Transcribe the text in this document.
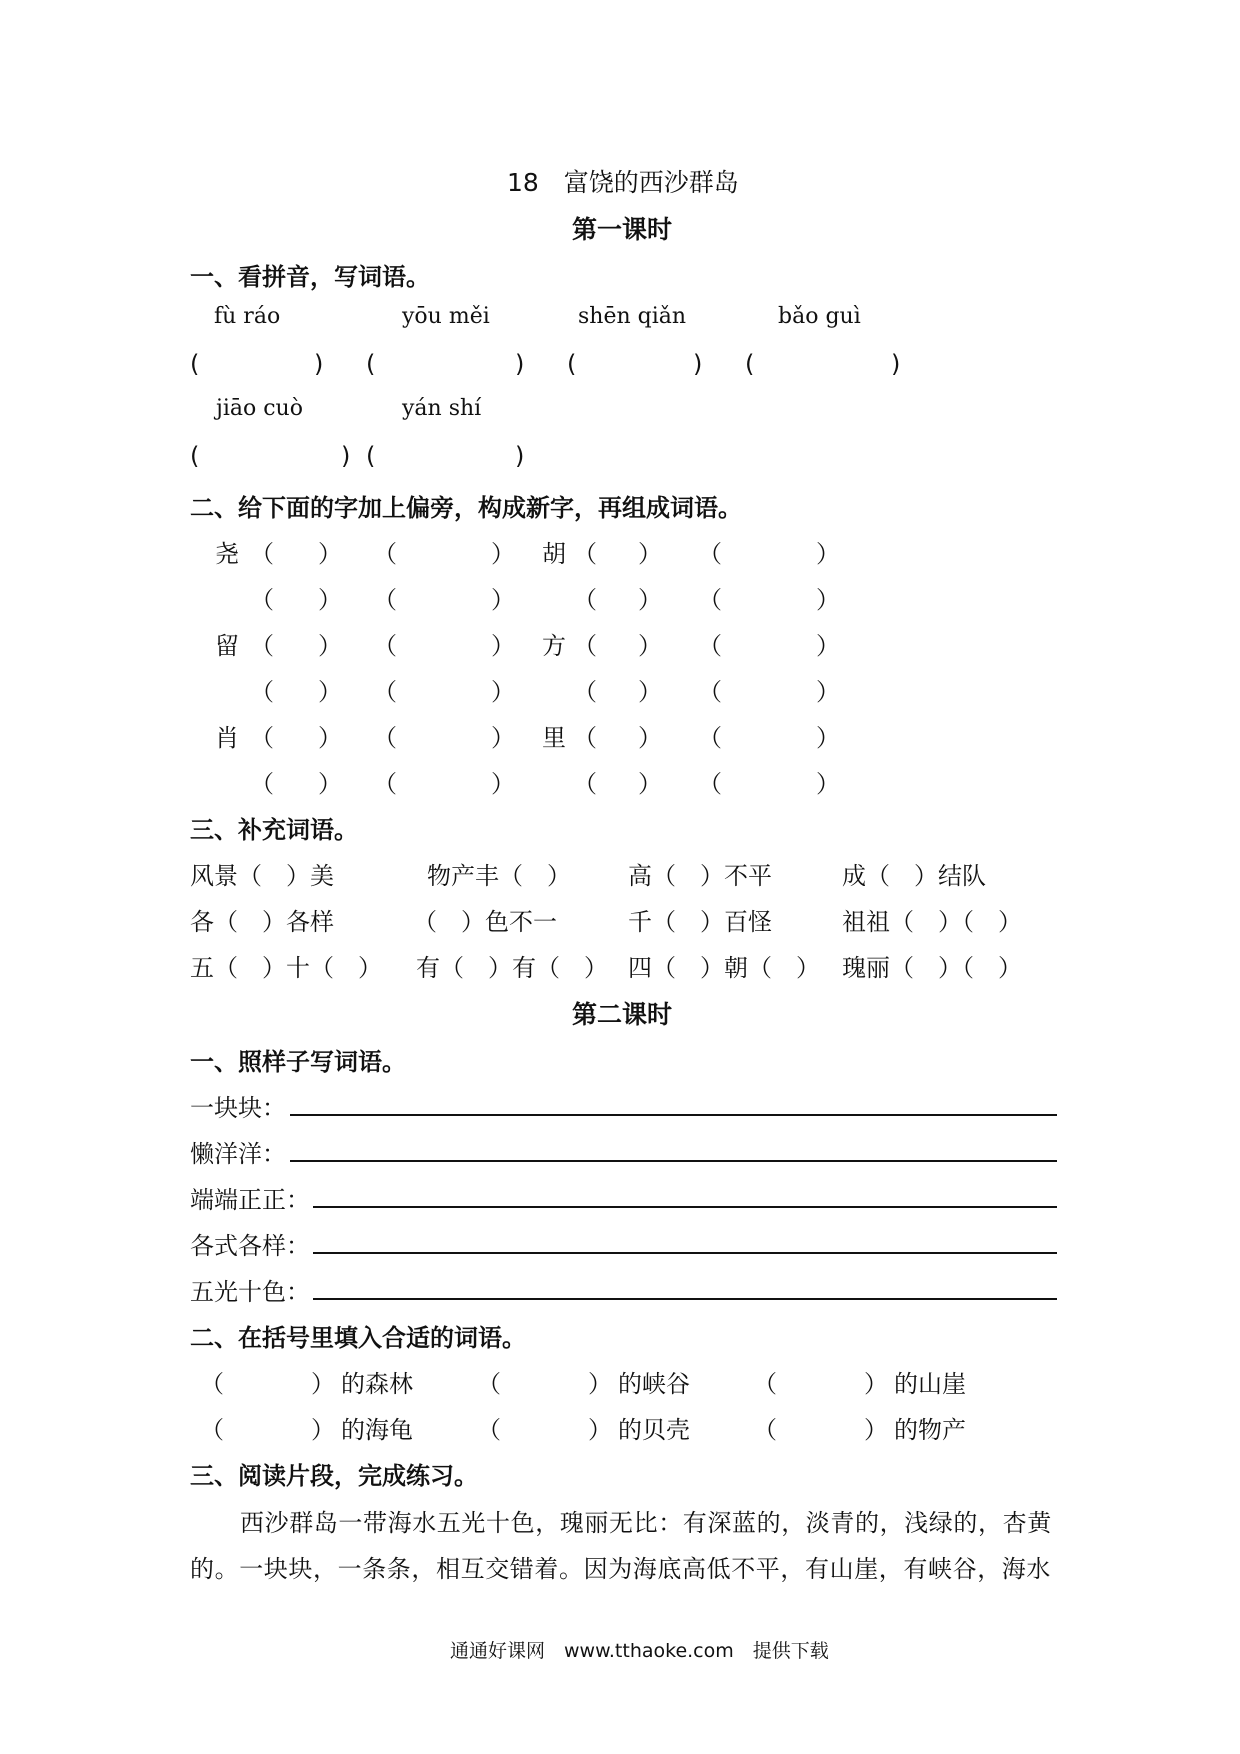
18　富饶的西沙群岛
第一课时
一、看拼音，写词语。
fù ráo	yōu měi	shēn qiǎn	bǎo guì
(	) (	) (	) (	)
jiāo cuò	yán shí
(	) (	)
二、给下面的字加上偏旁，构成新字，再组成词语。
尧 （ ） （	） 胡 （ ） （	）
（ ） （	） （ ） （	）
留 （ ） （	） 方 （ ） （	）
（ ） （	） （ ） （	）
肖 （ ） （	） 里 （ ） （	）
（ ） （	） （ ） （	）
三、补充词语。
风景（　）美	物产丰（　） 高（　）不平	成（　）结队
各（　）各样	（　）色不一	千（　）百怪	祖祖（　）（　）
五（　）十（　） 有（　）有（　） 四（　）朝（　） 瑰丽（　）（　）
第二课时
一、照样子写词语。
一块块：
懒洋洋：
端端正正：
各式各样：
五光十色：
二、在括号里填入合适的词语。
（	） 的森林	（	） 的峡谷	（	） 的山崖
（	） 的海龟	（	） 的贝壳	（	） 的物产
三、阅读片段，完成练习。
西沙群岛一带海水五光十色，瑰丽无比：有深蓝的，淡青的，浅绿的，杏黄
的。一块块，一条条，相互交错着。因为海底高低不平，有山崖，有峡谷，海水
通通好课网　www.tthaoke.com　提供下载
